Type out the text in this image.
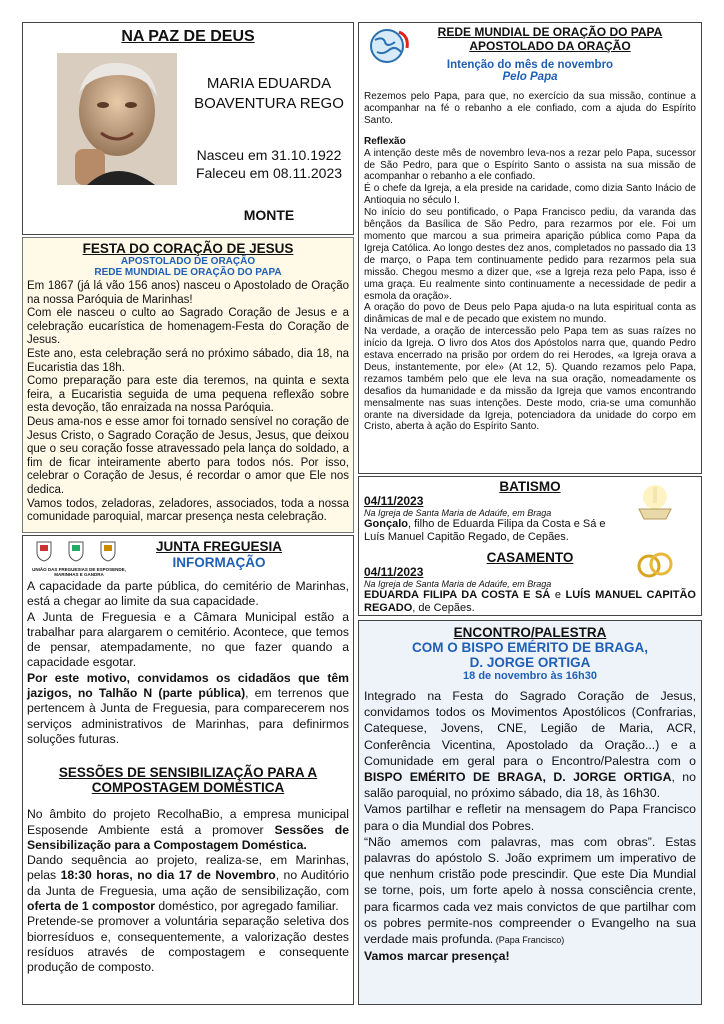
NA PAZ DE DEUS
MARIA EDUARDA
BOAVENTURA REGO
Nasceu em 31.10.1922
Faleceu em 08.11.2023
MONTE
FESTA DO CORAÇÃO DE JESUS
APOSTOLADO DE ORAÇÃO
REDE MUNDIAL DE ORAÇÃO DO PAPA
Em 1867 (já lá vão 156 anos) nasceu o Apostolado de Oração na nossa Paróquia de Marinhas!
Com ele nasceu o culto ao Sagrado Coração de Jesus e a celebração eucarística de homenagem-Festa do Coração de Jesus.
Este ano, esta celebração será no próximo sábado, dia 18, na Eucaristia das 18h.
Como preparação para este dia teremos, na quinta e sexta feira, a Eucaristia seguida de uma pequena reflexão sobre esta devoção, tão enraizada na nossa Paróquia.
Deus ama-nos e esse amor foi tornado sensível no coração de Jesus Cristo, o Sagrado Coração de Jesus, Jesus, que deixou que o seu coração fosse atravessado pela lança do soldado, a fim de ficar inteiramente aberto para todos nós. Por isso, celebrar o Coração de Jesus, é recordar o amor que Ele nos dedica.
Vamos todos, zeladoras, zeladores, associados, toda a nossa comunidade paroquial, marcar presença nesta celebração.
UNIÃO DAS FREGUESIAS DE ESPOSENDE, MARINHAS E GANDRA
JUNTA FREGUESIA
INFORMAÇÃO
A capacidade da parte pública, do cemitério de Marinhas, está a chegar ao limite da sua capacidade.
A Junta de Freguesia e a Câmara Municipal estão a trabalhar para alargarem o cemitério. Acontece, que temos de pensar, atempadamente, no que fazer quando a capacidade esgotar.
Por este motivo, convidamos os cidadãos que têm jazigos, no Talhão N (parte pública), em terrenos que pertencem à Junta de Freguesia, para comparecerem nos serviços administrativos de Marinhas, para definirmos soluções futuras.
SESSÕES DE SENSIBILIZAÇÃO PARA A
COMPOSTAGEM DOMÉSTICA
No âmbito do projeto RecolhaBio, a empresa municipal Esposende Ambiente está a promover Sessões de Sensibilização para a Compostagem Doméstica.
Dando sequência ao projeto, realiza-se, em Marinhas, pelas 18:30 horas, no dia 17 de Novembro, no Auditório da Junta de Freguesia, uma ação de sensibilização, com oferta de 1 compostor doméstico, por agregado familiar.
Pretende-se promover a voluntária separação seletiva dos biorresíduos e, consequentemente, a valorização destes resíduos através de compostagem e consequente produção de composto.
REDE MUNDIAL DE ORAÇÃO DO PAPA
APOSTOLADO DA ORAÇÃO
Intenção do mês de novembro
Pelo Papa
Rezemos pelo Papa, para que, no exercício da sua missão, continue a acompanhar na fé o rebanho a ele confiado, com a ajuda do Espírito Santo.
Reflexão
A intenção deste mês de novembro leva-nos a rezar pelo Papa, sucessor de São Pedro, para que o Espírito Santo o assista na sua missão de acompanhar o rebanho a ele confiado.
É o chefe da Igreja, a ela preside na caridade, como dizia Santo Inácio de Antioquia no século I.
No início do seu pontificado, o Papa Francisco pediu, da varanda das bênçãos da Basílica de São Pedro, para rezarmos por ele. Foi um momento que marcou a sua primeira aparição pública como Papa da Igreja Católica. Ao longo destes dez anos, completados no passado dia 13 de março, o Papa tem continuamente pedido para rezarmos pela sua missão. Chegou mesmo a dizer que, «se a Igreja reza pelo Papa, isso é uma graça. Eu realmente sinto continuamente a necessidade de pedir a esmola da oração».
A oração do povo de Deus pelo Papa ajuda-o na luta espiritual conta as dinâmicas de mal e de pecado que existem no mundo.
Na verdade, a oração de intercessão pelo Papa tem as suas raízes no início da Igreja. O livro dos Atos dos Apóstolos narra que, quando Pedro estava encerrado na prisão por ordem do rei Herodes, «a Igreja orava a Deus, instantemente, por ele» (At 12, 5). Quando rezamos pelo Papa, rezamos também pelo que ele leva na sua oração, nomeadamente os desafios da humanidade e da missão da Igreja que vamos encontrando mensalmente nas suas intenções. Deste modo, cria-se uma comunhão orante na diversidade da Igreja, potenciadora da unidade do corpo em Cristo, aberta à ação do Espírito Santo.
BATISMO
04/11/2023
Na Igreja de Santa Maria de Adaúfe, em Braga
Gonçalo, filho de Eduarda Filipa da Costa e Sá e Luís Manuel Capitão Regado, de Cepães.
CASAMENTO
04/11/2023
Na Igreja de Santa Maria de Adaúfe, em Braga
EDUARDA FILIPA DA COSTA E SÁ e LUÍS MANUEL CAPITÃO REGADO, de Cepães.
ENCONTRO/PALESTRA
COM O BISPO EMÉRITO DE BRAGA,
D. JORGE ORTIGA
18 de novembro às 16h30
Integrado na Festa do Sagrado Coração de Jesus, convidamos todos os Movimentos Apostólicos (Confrarias, Catequese, Jovens, CNE, Legião de Maria, ACR, Conferência Vicentina, Apostolado da Oração...) e a Comunidade em geral para o Encontro/Palestra com o BISPO EMÉRITO DE BRAGA, D. JORGE ORTIGA, no salão paroquial, no próximo sábado, dia 18, às 16h30.
Vamos partilhar e refletir na mensagem do Papa Francisco para o dia Mundial dos Pobres.
“Não amemos com palavras, mas com obras”. Estas palavras do apóstolo S. João exprimem um imperativo de que nenhum cristão pode prescindir. Que este Dia Mundial se torne, pois, um forte apelo à nossa consciência crente, para ficarmos cada vez mais convictos de que partilhar com os pobres permite-nos compreender o Evangelho na sua verdade mais profunda. (Papa Francisco)
Vamos marcar presença!
